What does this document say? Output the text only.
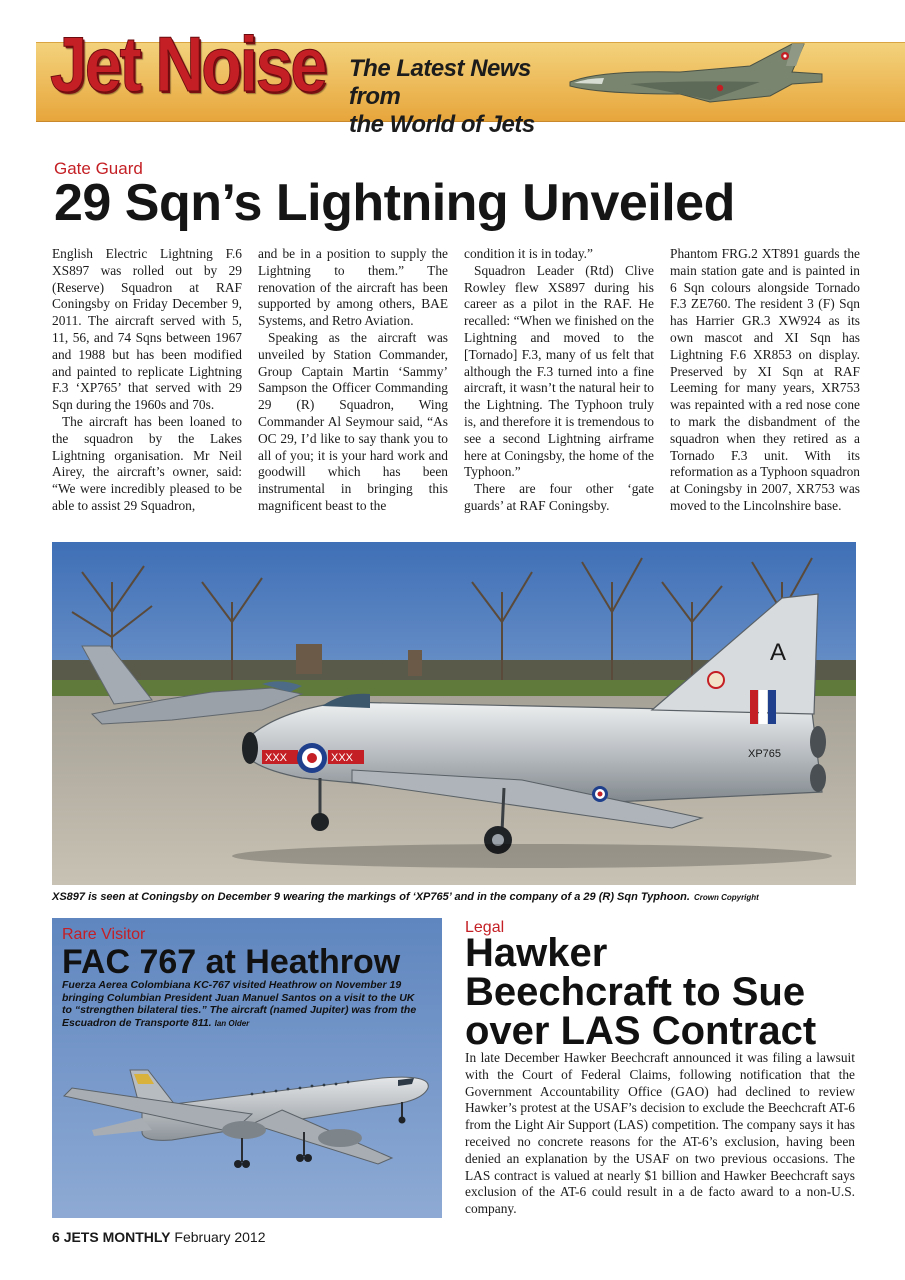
Jet Noise The Latest News from
the World of Jets
Gate Guard
29 Sqn’s Lightning Unveiled

English Electric Lightning F.6 XS897 was rolled out by 29 (Reserve) Squadron at RAF Coningsby on Friday December 9, 2011. The aircraft served with 5, 11, 56, and 74 Sqns between 1967 and 1988 but has been modified and painted to replicate Lightning F.3 ‘XP765’ that served with 29 Sqn during the 1960s and 70s.

The aircraft has been loaned to the squadron by the Lakes Lightning organisation. Mr Neil Airey, the aircraft’s owner, said: “We were incredibly pleased to be able to assist 29 Squadron,

and be in a position to supply the Lightning to them.” The renovation of the aircraft has been supported by among others, BAE Systems, and Retro Aviation.

Speaking as the aircraft was unveiled by Station Commander, Group Captain Martin ‘Sammy’ Sampson the Officer Commanding 29 (R) Squadron, Wing Commander Al Seymour said, “As OC 29, I’d like to say thank you to all of you; it is your hard work and goodwill which has been instrumental in bringing this magnificent beast to the

condition it is in today.”

Squadron Leader (Rtd) Clive Rowley flew XS897 during his career as a pilot in the RAF. He recalled: “When we finished on the Lightning and moved to the [Tornado] F.3, many of us felt that although the F.3 turned into a fine aircraft, it wasn’t the natural heir to the Lightning. The Typhoon truly is, and therefore it is tremendous to see a second Lightning airframe here at Coningsby, the home of the Typhoon.”

There are four other ‘gate guards’ at RAF Coningsby.

Phantom FRG.2 XT891 guards the main station gate and is painted in 6 Sqn colours alongside Tornado F.3 ZE760. The resident 3 (F) Sqn has Harrier GR.3 XW924 as its own mascot and XI Sqn has Lightning F.6 XR853 on display. Preserved by XI Sqn at RAF Leeming for many years, XR753 was repainted with a red nose cone to mark the disbandment of the squadron when they retired as a Tornado F.3 unit. With its reformation as a Typhoon squadron at Coningsby in 2007, XR753 was moved to the Lincolnshire base.

A
XXX	XXX	XP765
XS897 is seen at Coningsby on December 9 wearing the markings of ‘XP765’ and in the company of a 29 (R) Sqn Typhoon. Crown Copyright
Rare Visitor
FAC 767 at Heathrow
Fuerza Aerea Colombiana KC-767 visited Heathrow on November 19 bringing Columbian President Juan Manuel Santos on a visit to the UK to “strengthen bilateral ties.” The aircraft (named Jupiter) was from the Escuadron de Transporte 811. Ian Older
Legal
Hawker
Beechcraft to Sue
over LAS Contract

In late December Hawker Beechcraft announced it was filing a lawsuit with the Court of Federal Claims, following notification that the Government Accountability Office (GAO) had declined to review Hawker’s protest at the USAF’s decision to exclude the Beechcraft AT-6 from the Light Air Support (LAS) competition. The company says it has received no concrete reasons for the AT-6’s exclusion, having been denied an explanation by the USAF on two previous occasions. The LAS contract is valued at nearly $1 billion and Hawker Beechcraft says exclusion of the AT-6 could result in a de facto award to a non-U.S. company.

6 JETS MONTHLY February 2012
